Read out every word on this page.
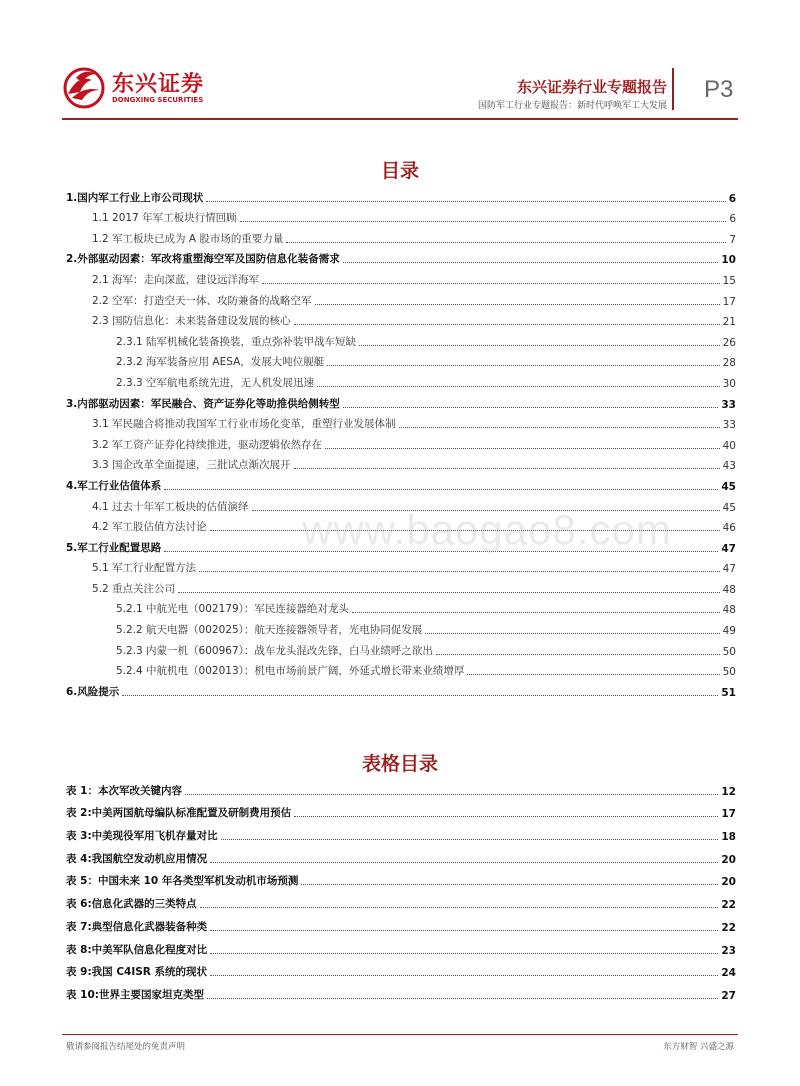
东兴证券
DONGXING SECURITIES
东兴证券行业专题报告
国防军工行业专题报告：新时代呼唤军工大发展
P3
目录
1.国内军工行业上市公司现状	6
1.1 2017 年军工板块行情回顾	6
1.2 军工板块已成为 A 股市场的重要力量	7
2.外部驱动因素：军改将重塑海空军及国防信息化装备需求	10
2.1 海军：走向深蓝，建设远洋海军	15
2.2 空军：打造空天一体、攻防兼备的战略空军	17
2.3 国防信息化：未来装备建设发展的核心	21
2.3.1 陆军机械化装备换装，重点弥补装甲战车短缺	26
2.3.2 海军装备应用 AESA，发展大吨位舰艇	28
2.3.3 空军航电系统先进，无人机发展迅速	30
3.内部驱动因素：军民融合、资产证券化等助推供给侧转型	33
3.1 军民融合将推动我国军工行业市场化变革，重塑行业发展体制	33
3.2 军工资产证券化持续推进，驱动逻辑依然存在	40
3.3 国企改革全面提速，三批试点渐次展开	43
4.军工行业估值体系	45
4.1 过去十年军工板块的估值演绎	45
4.2 军工股估值方法讨论	46
5.军工行业配置思路	47
5.1 军工行业配置方法	47
5.2 重点关注公司	48
5.2.1 中航光电（002179）：军民连接器绝对龙头	48
5.2.2 航天电器（002025）：航天连接器领导者，光电协同促发展	49
5.2.3 内蒙一机（600967）：战车龙头混改先锋，白马业绩呼之欲出	50
5.2.4 中航机电（002013）：机电市场前景广阔，外延式增长带来业绩增厚	50
6.风险提示	51
www.baogao8.com
表格目录
表 1：本次军改关键内容	12
表 2:中美两国航母编队标准配置及研制费用预估	17
表 3:中美现役军用飞机存量对比	18
表 4:我国航空发动机应用情况	20
表 5：中国未来 10 年各类型军机发动机市场预测	20
表 6:信息化武器的三类特点	22
表 7:典型信息化武器装备种类	22
表 8:中美军队信息化程度对比	23
表 9:我国 C4ISR 系统的现状	24
表 10:世界主要国家坦克类型	27
敬请参阅报告结尾处的免责声明	东方财智 兴盛之源
